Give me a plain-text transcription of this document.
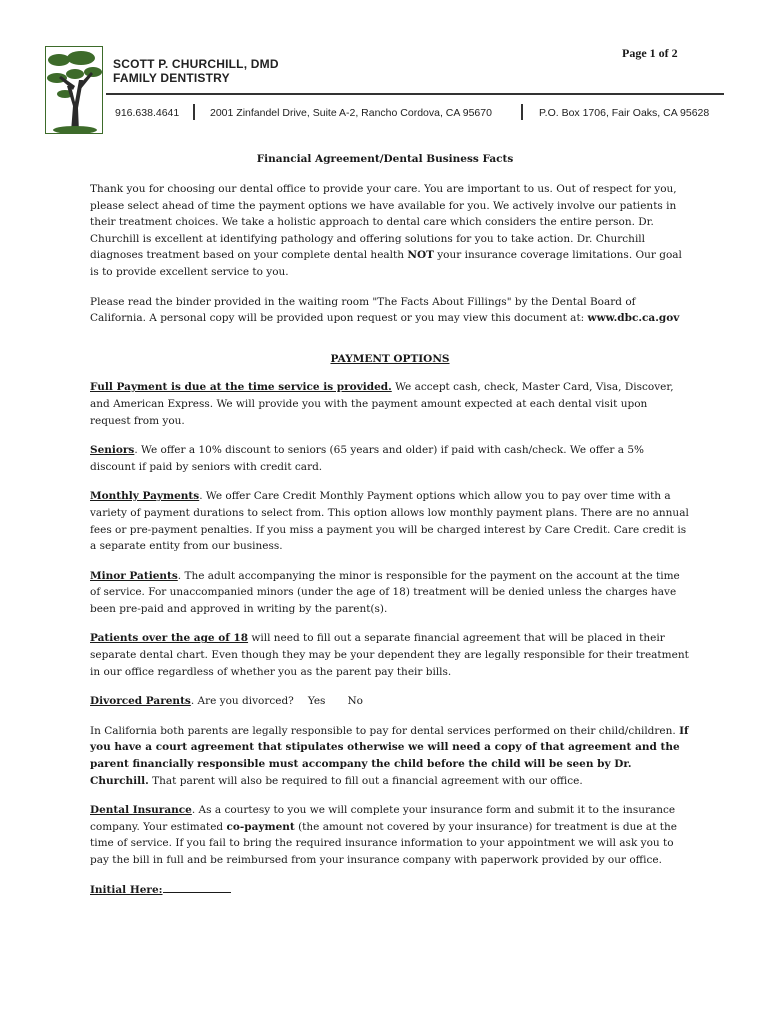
Page 1 of 2
SCOTT P. CHURCHILL, DMD
FAMILY DENTISTRY
916.638.4641	2001 Zinfandel Drive, Suite A-2, Rancho Cordova, CA 95670	P.O. Box 1706, Fair Oaks, CA 95628
Financial Agreement/Dental Business Facts

Thank you for choosing our dental office to provide your care. You are important to us. Out of respect for you, please select ahead of time the payment options we have available for you. We actively involve our patients in their treatment choices. We take a holistic approach to dental care which considers the entire person. Dr. Churchill is excellent at identifying pathology and offering solutions for you to take action. Dr. Churchill diagnoses treatment based on your complete dental health NOT your insurance coverage limitations. Our goal is to provide excellent service to you.

Please read the binder provided in the waiting room "The Facts About Fillings" by the Dental Board of California. A personal copy will be provided upon request or you may view this document at: www.dbc.ca.gov

PAYMENT OPTIONS

Full Payment is due at the time service is provided. We accept cash, check, Master Card, Visa, Discover, and American Express. We will provide you with the payment amount expected at each dental visit upon request from you.

Seniors. We offer a 10% discount to seniors (65 years and older) if paid with cash/check. We offer a 5% discount if paid by seniors with credit card.

Monthly Payments. We offer Care Credit Monthly Payment options which allow you to pay over time with a variety of payment durations to select from. This option allows low monthly payment plans. There are no annual fees or pre-payment penalties. If you miss a payment you will be charged interest by Care Credit. Care credit is a separate entity from our business.

Minor Patients. The adult accompanying the minor is responsible for the payment on the account at the time of service. For unaccompanied minors (under the age of 18) treatment will be denied unless the charges have been pre-paid and approved in writing by the parent(s).

Patients over the age of 18 will need to fill out a separate financial agreement that will be placed in their separate dental chart. Even though they may be your dependent they are legally responsible for their treatment in our office regardless of whether you as the parent pay their bills.

Divorced Parents. Are you divorced? Yes No

In California both parents are legally responsible to pay for dental services performed on their child/children. If you have a court agreement that stipulates otherwise we will need a copy of that agreement and the parent financially responsible must accompany the child before the child will be seen by Dr. Churchill. That parent will also be required to fill out a financial agreement with our office.

Dental Insurance. As a courtesy to you we will complete your insurance form and submit it to the insurance company. Your estimated co-payment (the amount not covered by your insurance) for treatment is due at the time of service. If you fail to bring the required insurance information to your appointment we will ask you to pay the bill in full and be reimbursed from your insurance company with paperwork provided by our office.

Initial Here:
